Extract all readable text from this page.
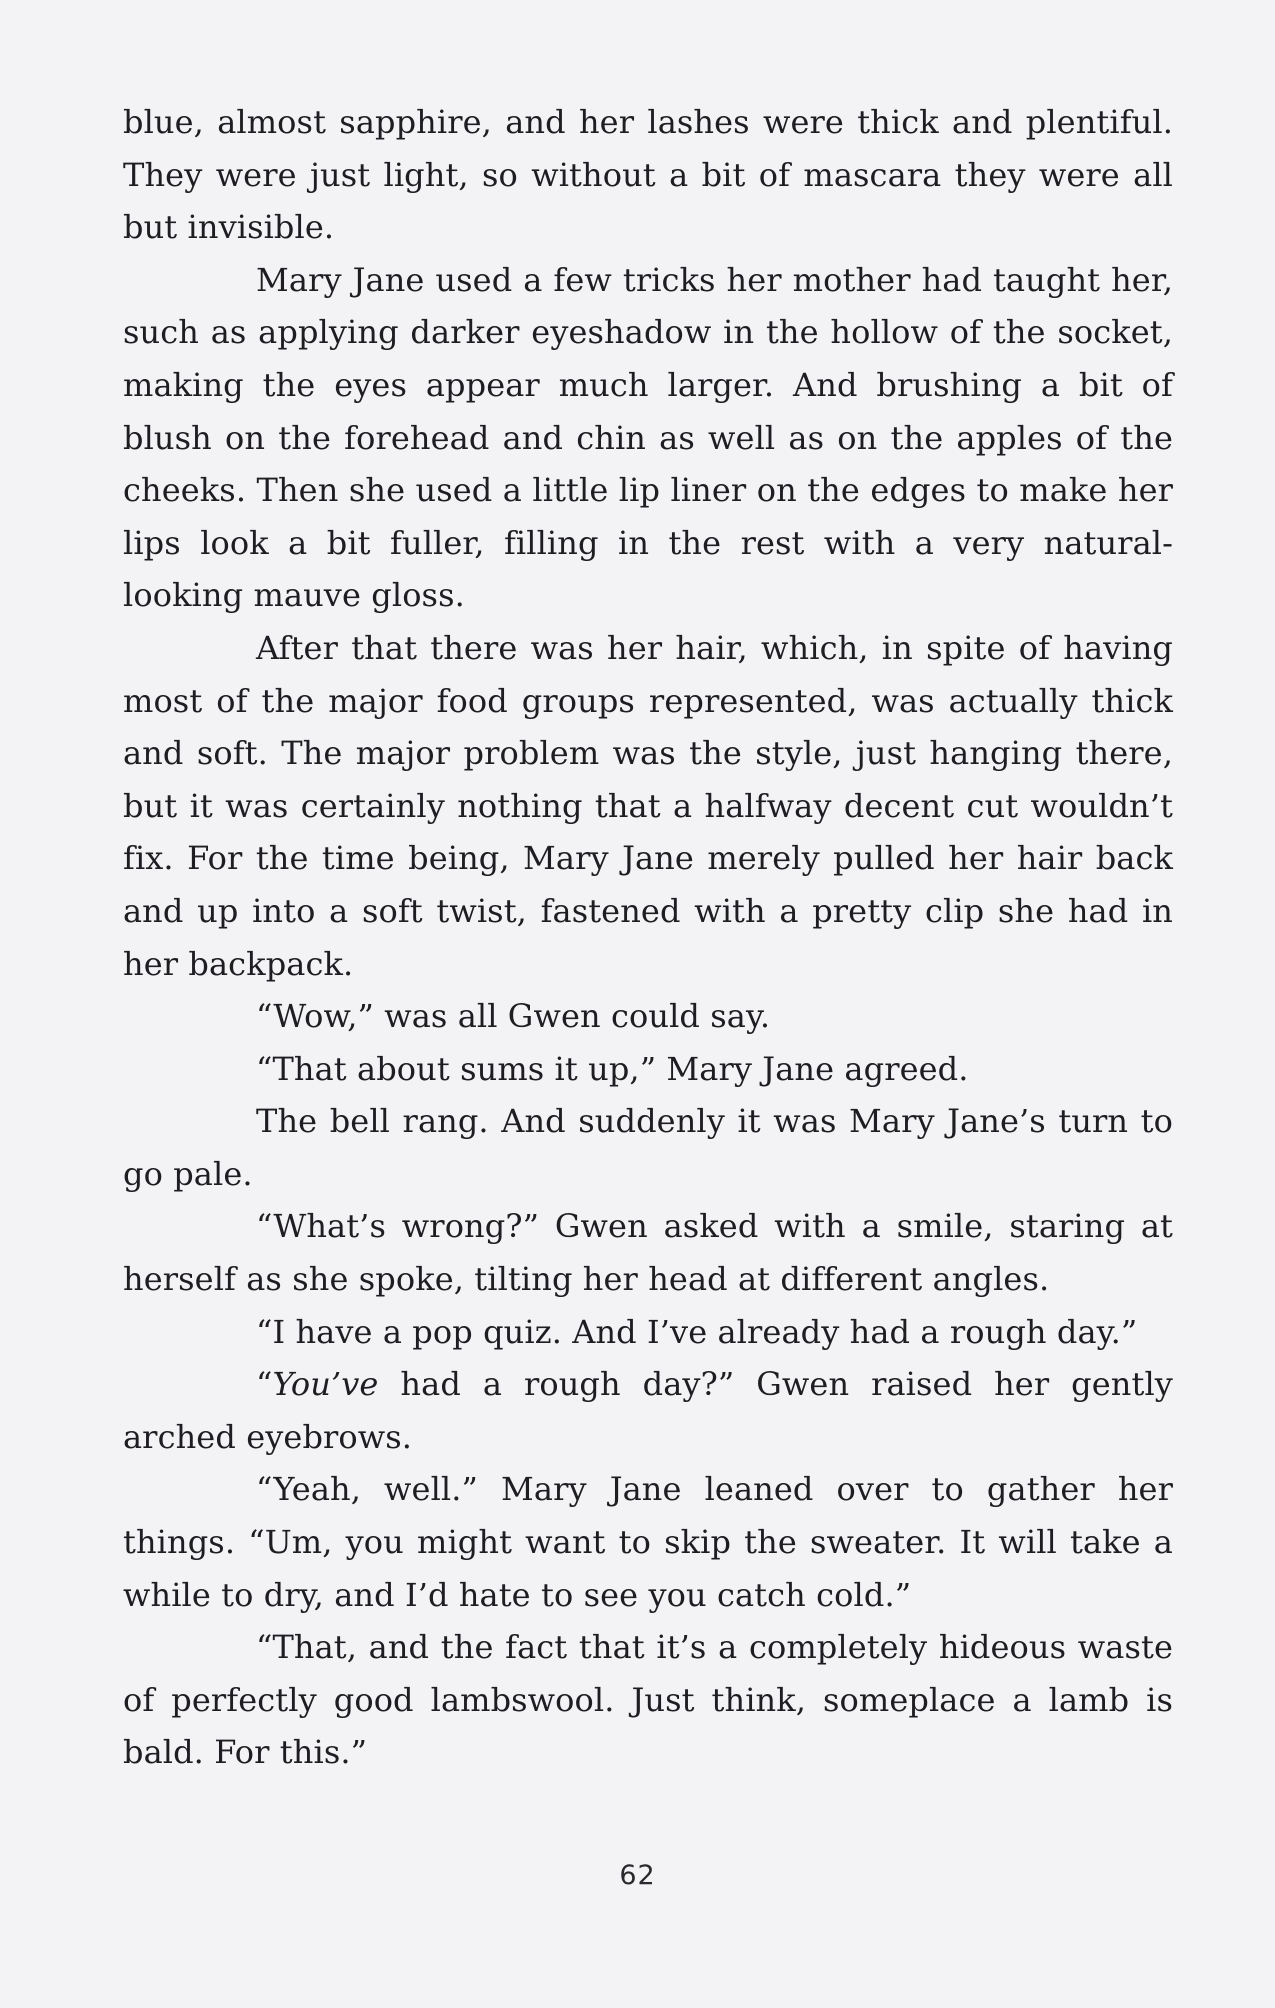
blue, almost sapphire, and her lashes were thick and plentiful. They were just light, so without a bit of mascara they were all but invisible.

Mary Jane used a few tricks her mother had taught her, such as applying darker eyeshadow in the hollow of the socket, making the eyes appear much larger. And brushing a bit of blush on the forehead and chin as well as on the apples of the cheeks. Then she used a little lip liner on the edges to make her lips look a bit fuller, filling in the rest with a very natural-looking mauve gloss.

After that there was her hair, which, in spite of having most of the major food groups represented, was actually thick and soft. The major problem was the style, just hanging there, but it was certainly nothing that a halfway decent cut wouldn’t fix. For the time being, Mary Jane merely pulled her hair back and up into a soft twist, fastened with a pretty clip she had in her backpack.

“Wow,” was all Gwen could say.

“That about sums it up,” Mary Jane agreed.

The bell rang. And suddenly it was Mary Jane’s turn to go pale.

“What’s wrong?” Gwen asked with a smile, staring at herself as she spoke, tilting her head at different angles.

“I have a pop quiz. And I’ve already had a rough day.”

“You’ve had a rough day?” Gwen raised her gently arched eyebrows.

“Yeah, well.” Mary Jane leaned over to gather her things. “Um, you might want to skip the sweater. It will take a while to dry, and I’d hate to see you catch cold.”

“That, and the fact that it’s a completely hideous waste of perfectly good lambswool. Just think, someplace a lamb is bald. For this.”

62
